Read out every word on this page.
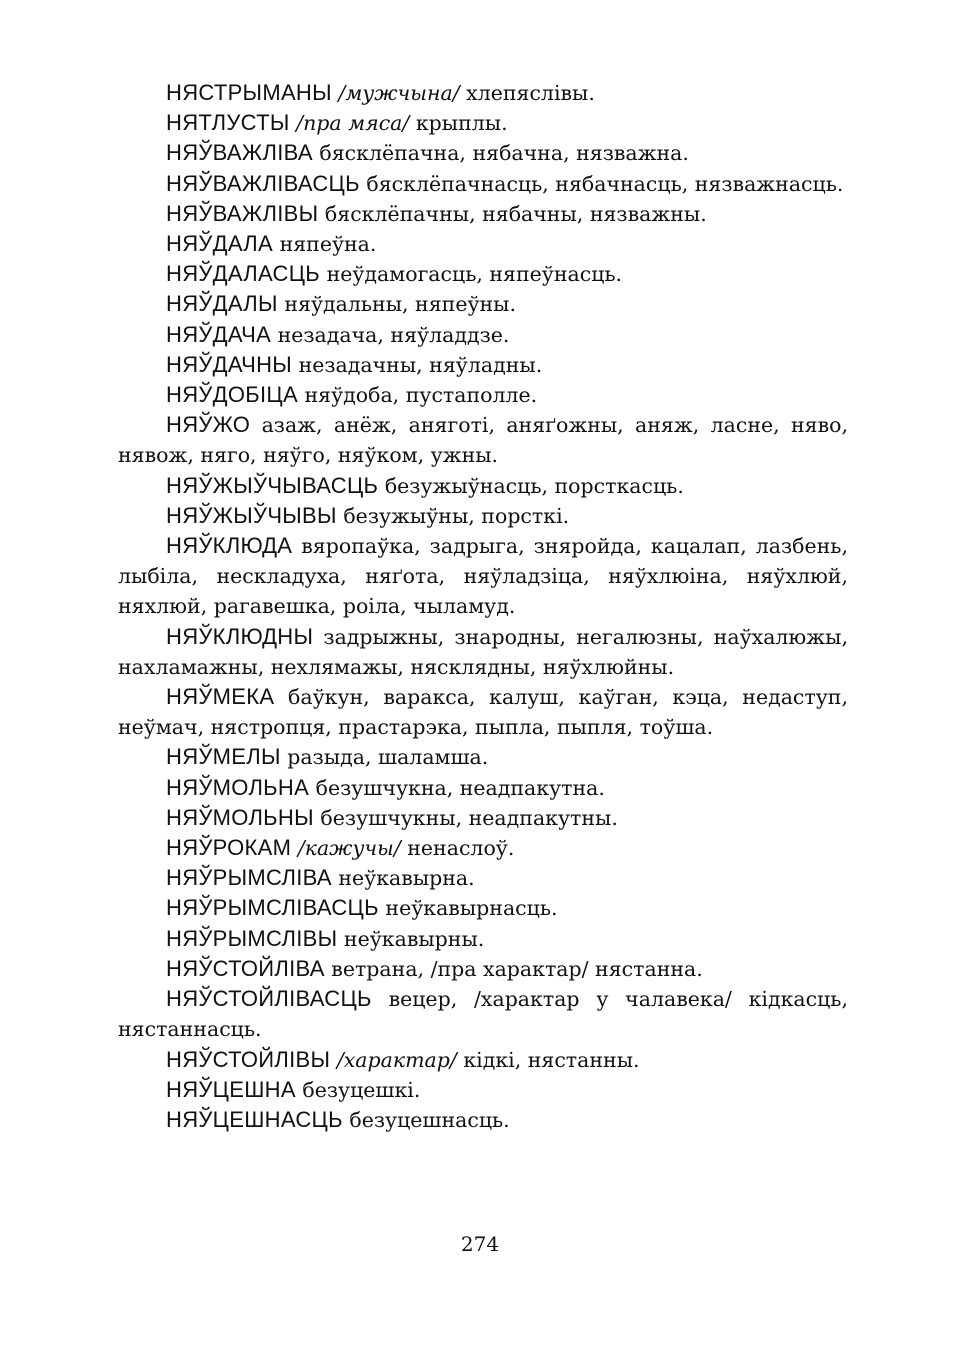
НЯСТРЫМАНЫ /мужчына/ хлепяслівы.

НЯТЛУСТЫ /пра мяса/ крыплы.

НЯЎВАЖЛІВА бясклёпачна, нябачна, нязважна.

НЯЎВАЖЛІВАСЦЬ бясклёпачнасць, нябачнасць, нязважнасць.

НЯЎВАЖЛІВЫ бясклёпачны, нябачны, нязважны.

НЯЎДАЛА няпеўна.

НЯЎДАЛАСЦЬ неўдамогасць, няпеўнасць.

НЯЎДАЛЫ няўдальны, няпеўны.

НЯЎДАЧА незадача, няўладдзе.

НЯЎДАЧНЫ незадачны, няўладны.

НЯЎДОБІЦА няўдоба, пустаполле.

НЯЎЖО азаж, анёж, аняготі, аняґожны, аняж, ласне, няво, нявож, няго, няўго, няўком, ужны.

НЯЎЖЫЎЧЫВАСЦЬ безужыўнасць, порсткасць.

НЯЎЖЫЎЧЫВЫ безужыўны, порсткі.

НЯЎКЛЮДА вяропаўка, задрыга, зняройда, кацалап, лазбень, лыбіла, нескладуха, няґота, няўладзіца, няўхлюіна, няўхлюй, няхлюй, рагавешка, роіла, чыламуд.

НЯЎКЛЮДНЫ задрыжны, знародны, негалюзны, наўхалюжы, нахламажны, нехлямажы, нясклядны, няўхлюйны.

НЯЎМЕКА баўкун, варакса, калуш, каўган, кэца, недаступ, неўмач, нястропця, прастарэка, пыпла, пыпля, тоўша.

НЯЎМЕЛЫ разыда, шаламша.

НЯЎМОЛЬНА безушчукна, неадпакутна.

НЯЎМОЛЬНЫ безушчукны, неадпакутны.

НЯЎРОКАМ /кажучы/ ненаслоў.

НЯЎРЫМСЛІВА неўкавырна.

НЯЎРЫМСЛІВАСЦЬ неўкавырнасць.

НЯЎРЫМСЛІВЫ неўкавырны.

НЯЎСТОЙЛІВА ветрана, /пра характар/ нястанна.

НЯЎСТОЙЛІВАСЦЬ вецер, /характар у чалавека/ кідкасць, нястаннасць.

НЯЎСТОЙЛІВЫ /характар/ кідкі, нястанны.

НЯЎЦЕШНА безуцешкі.

НЯЎЦЕШНАСЦЬ безуцешнасць.

274
